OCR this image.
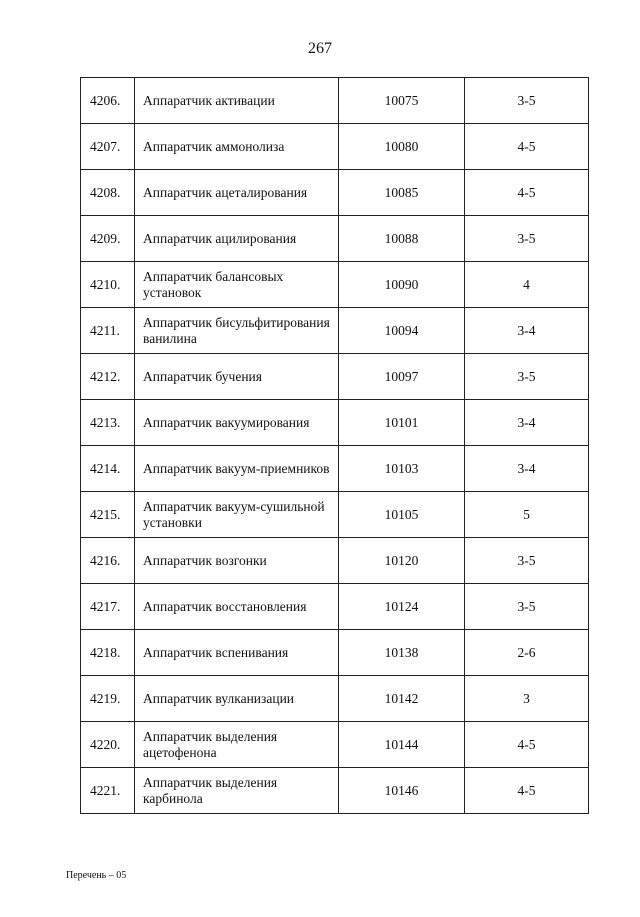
267
4206.	Аппаратчик активации	10075	3-5
4207.	Аппаратчик аммонолиза	10080	4-5
4208.	Аппаратчик ацеталирования	10085	4-5
4209.	Аппаратчик ацилирования	10088	3-5
4210.	Аппаратчик балансовых установок	10090	4
4211.	Аппаратчик бисульфитирования ванилина	10094	3-4
4212.	Аппаратчик бучения	10097	3-5
4213.	Аппаратчик вакуумирования	10101	3-4
4214.	Аппаратчик вакуум-приемников	10103	3-4
4215.	Аппаратчик вакуум-сушильной установки	10105	5
4216.	Аппаратчик возгонки	10120	3-5
4217.	Аппаратчик восстановления	10124	3-5
4218.	Аппаратчик вспенивания	10138	2-6
4219.	Аппаратчик вулканизации	10142	3
4220.	Аппаратчик выделения ацетофенона	10144	4-5
4221.	Аппаратчик выделения карбинола	10146	4-5
Перечень – 05
